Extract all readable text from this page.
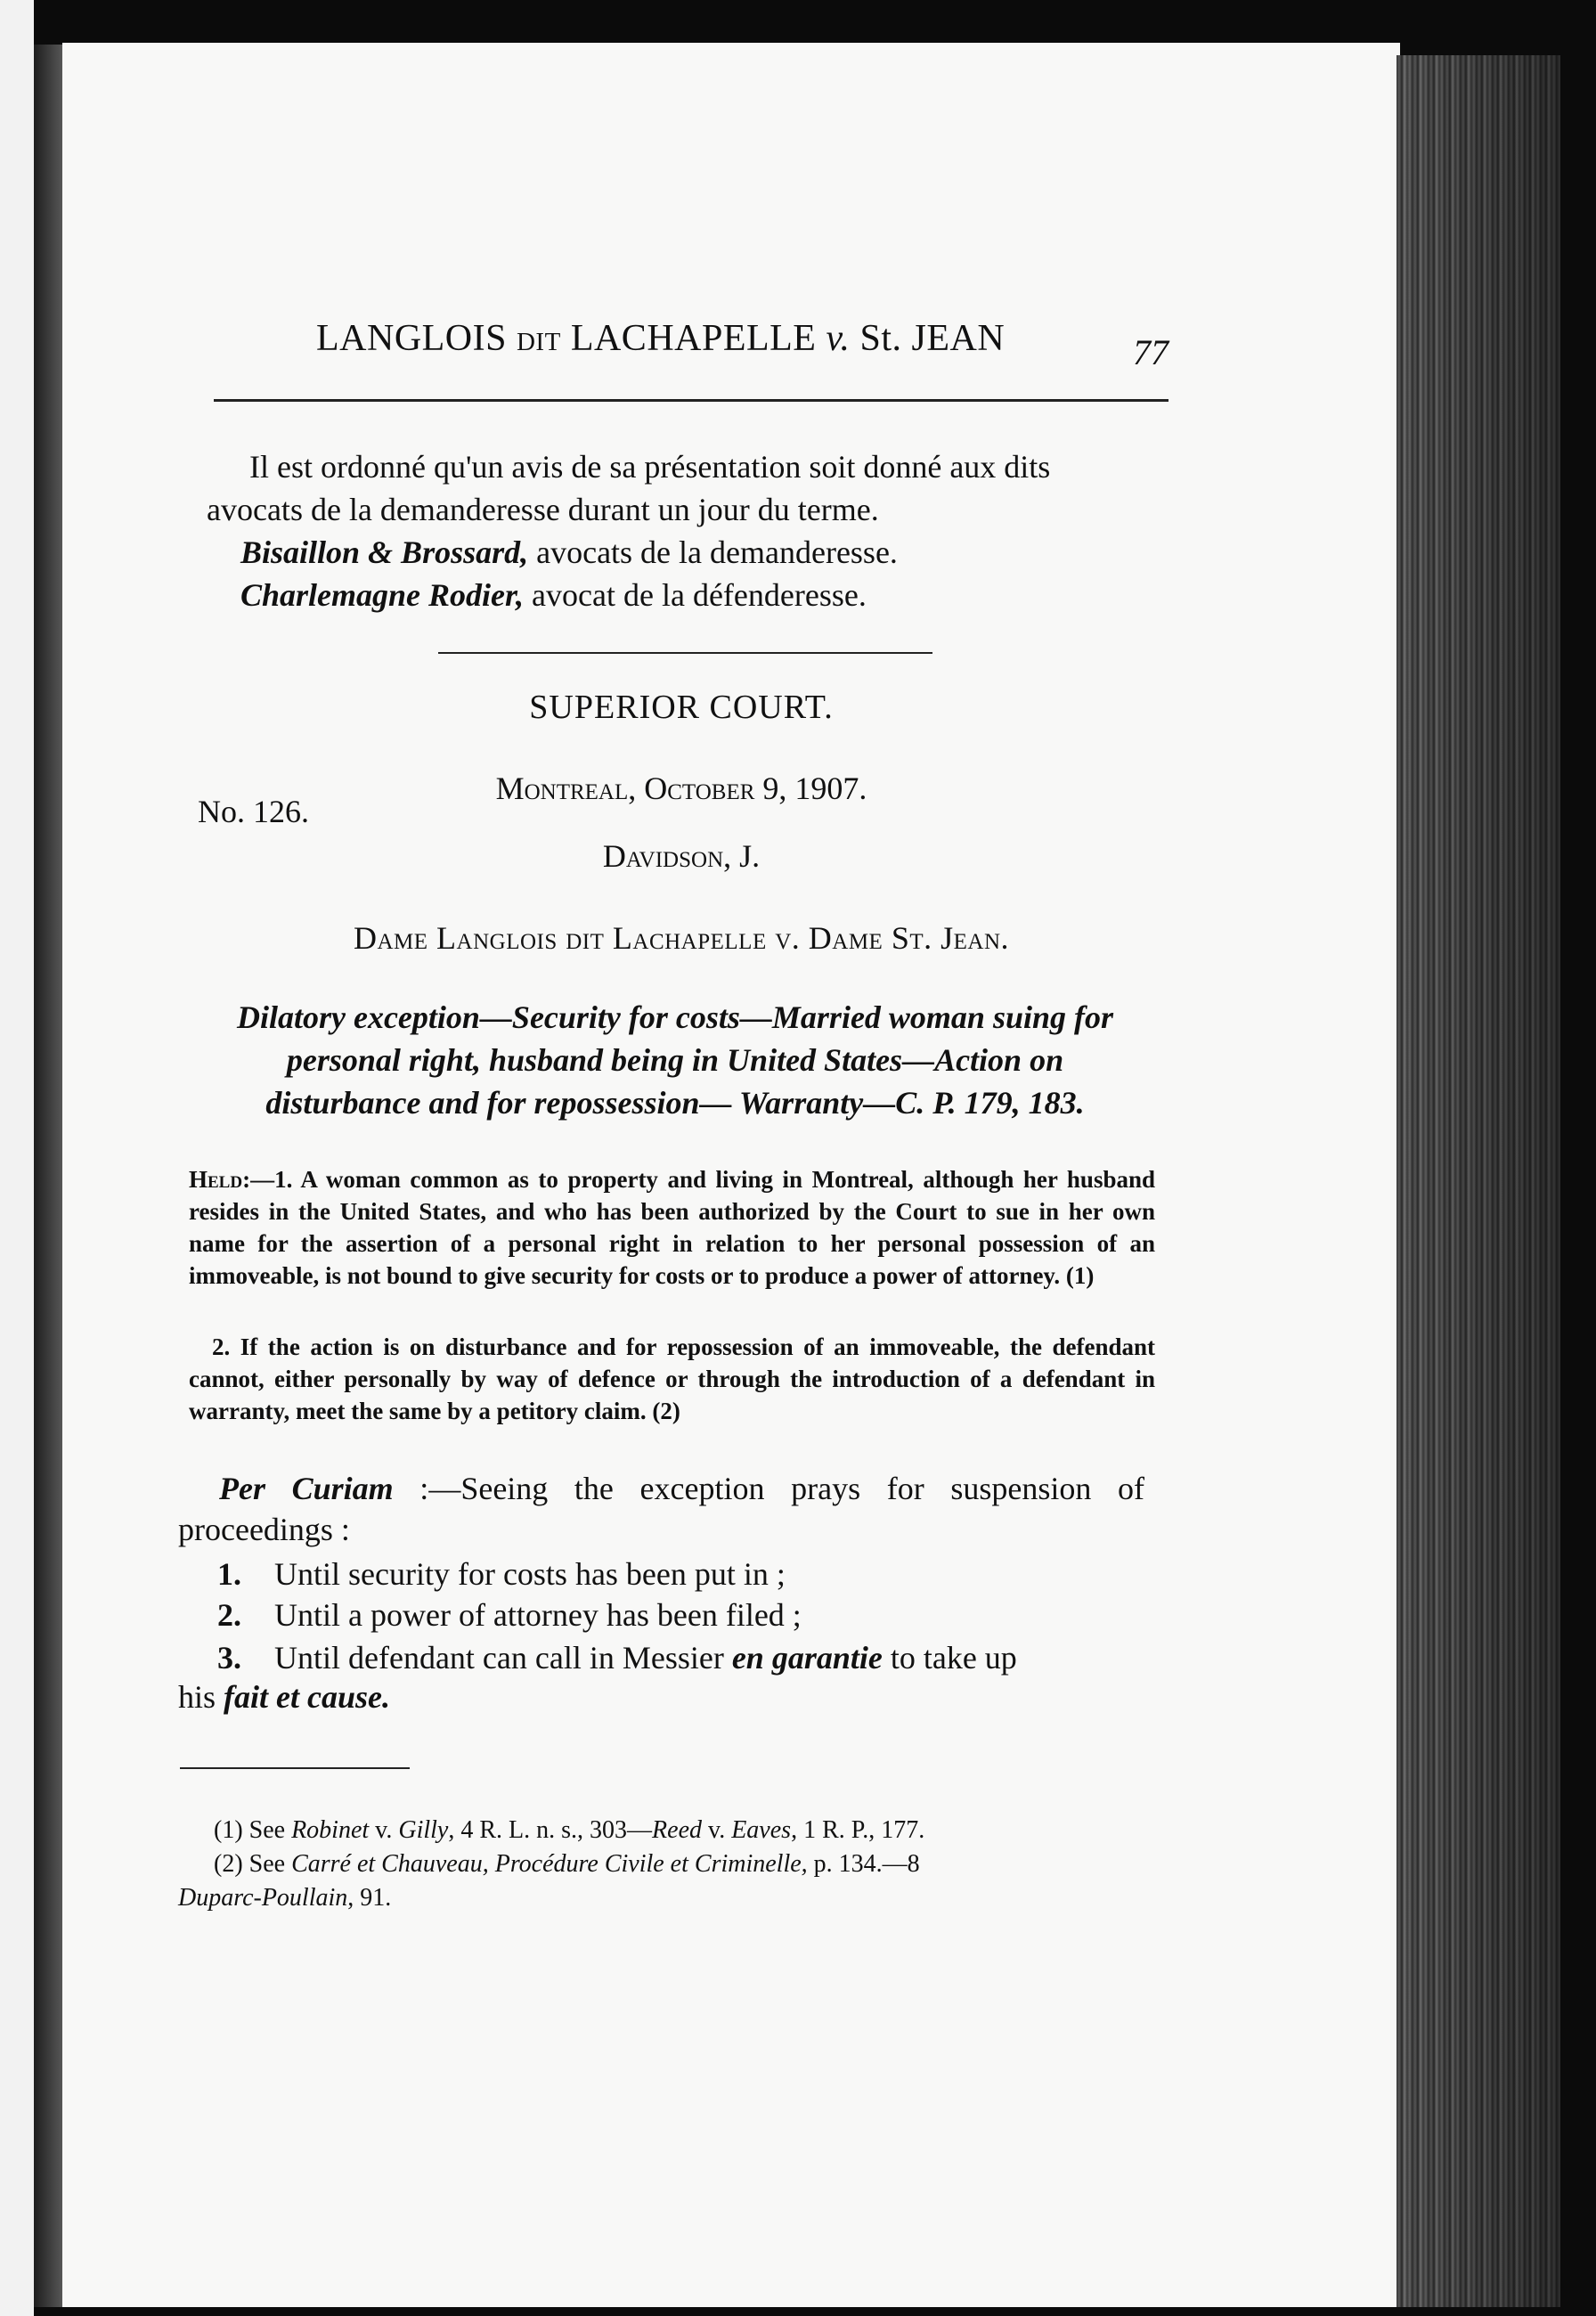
LANGLOIS dit LACHAPELLE v. St. JEAN	77
Il est ordonné qu'un avis de sa présentation soit donné aux dits
avocats de la demanderesse durant un jour du terme.
Bisaillon & Brossard, avocats de la demanderesse.
Charlemagne Rodier, avocat de la défenderesse.
SUPERIOR COURT.
Montreal, October 9, 1907.
No. 126.
Davidson, J.
Dame Langlois dit Lachapelle v. Dame St. Jean.
Dilatory exception—Security for costs—Married woman suing for
personal right, husband being in United States—Action on
disturbance and for repossession— Warranty—C. P. 179, 183.
Held:—1. A woman common as to property and living in Montreal, although her husband resides in the United States, and who has been authorized by the Court to sue in her own name for the assertion of a personal right in relation to her personal possession of an immoveable, is not bound to give security for costs or to produce a power of attorney. (1)
2. If the action is on disturbance and for repossession of an immoveable, the defendant cannot, either personally by way of defence or through the introduction of a defendant in warranty, meet the same by a petitory claim. (2)
Per Curiam :—Seeing the exception prays for suspension of proceedings :
1. Until security for costs has been put in ;
2. Until a power of attorney has been filed ;
3. Until defendant can call in Messier en garantie to take up
his fait et cause.
(1) See Robinet v. Gilly, 4 R. L. n. s., 303—Reed v. Eaves, 1 R. P., 177.
(2) See Carré et Chauveau, Procédure Civile et Criminelle, p. 134.—8
Duparc-Poullain, 91.
